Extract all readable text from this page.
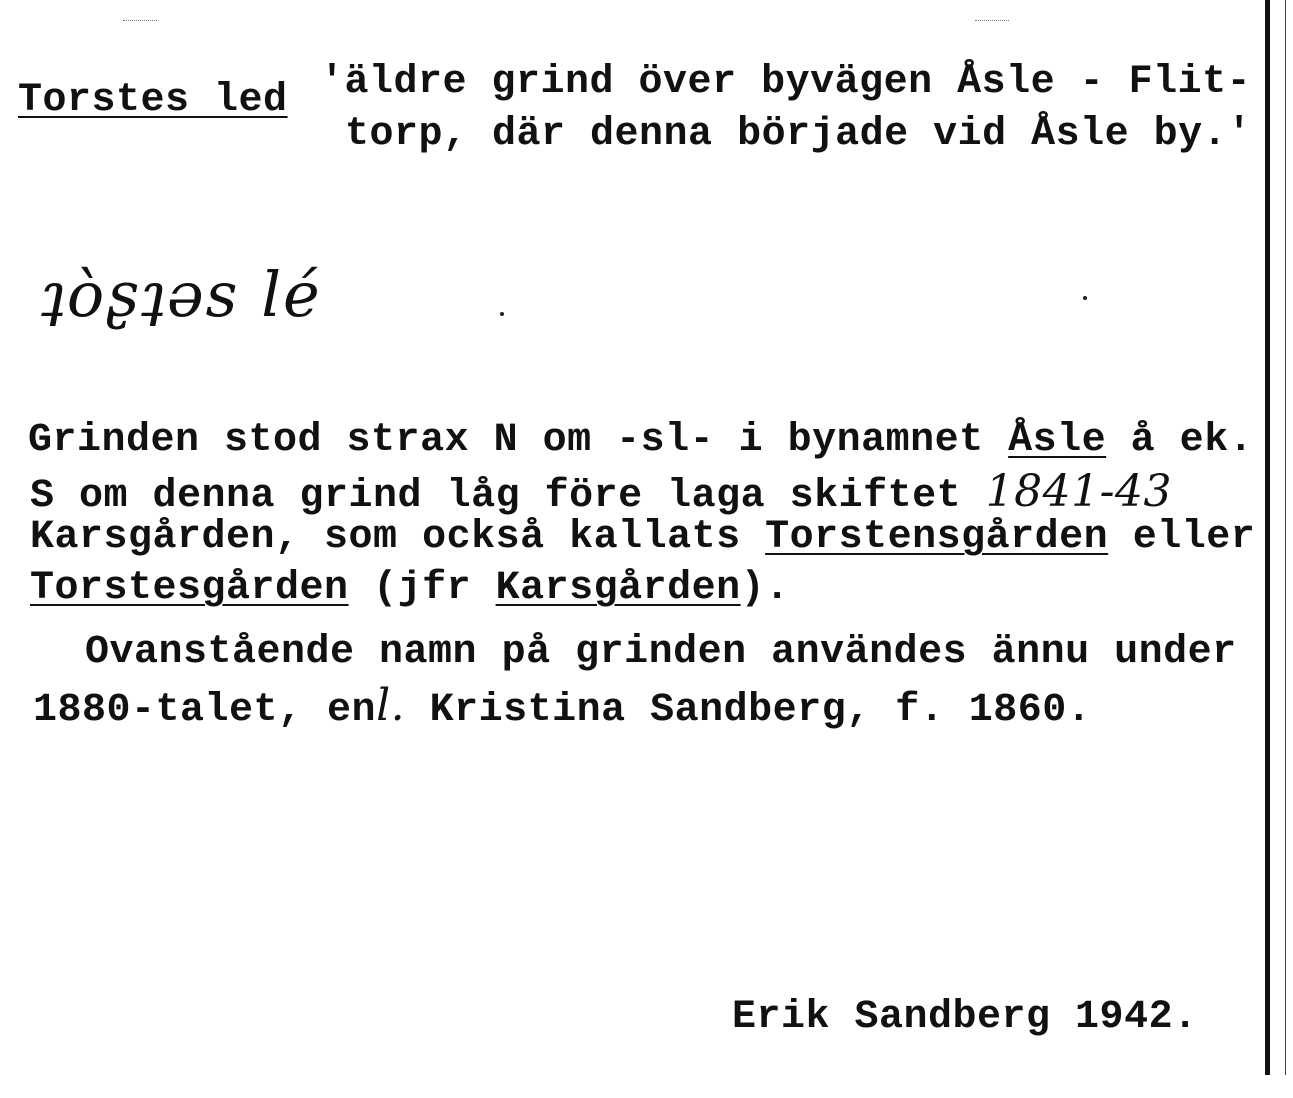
Torstes led 'äldre grind över byvägen Åsle - Flit-
torp, där denna började vid Åsle by.'
ʇòʂʇəs lé
Grinden stod strax N om -sl- i bynamnet Åsle å ek.
S om denna grind låg före laga skiftet 1841-43
Karsgården, som också kallats Torstensgården eller
Torstesgården (jfr Karsgården).
Ovanstående namn på grinden användes ännu under
1880-talet, enl. Kristina Sandberg, f. 1860.
Erik Sandberg 1942.
